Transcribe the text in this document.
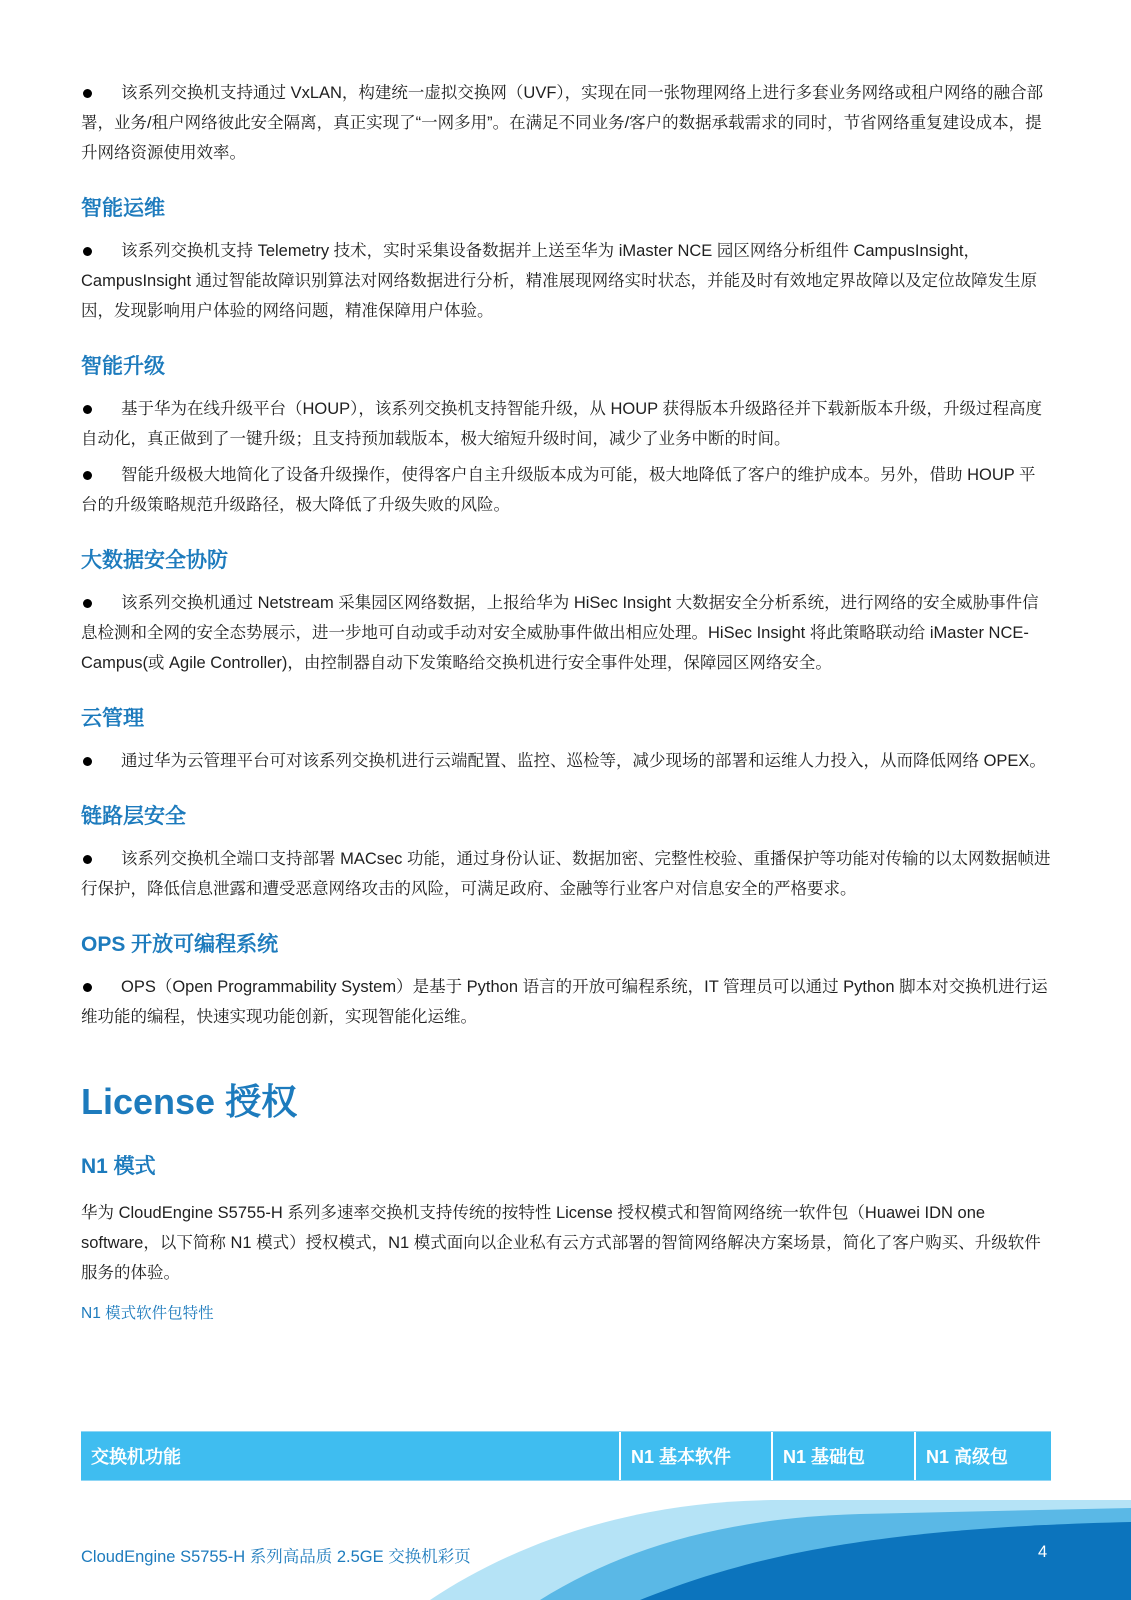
该系列交换机支持通过 VxLAN，构建统一虚拟交换网（UVF），实现在同一张物理网络上进行多套业务网络或租户网络的融合部署，业务/租户网络彼此安全隔离，真正实现了“一网多用”。在满足不同业务/客户的数据承载需求的同时，节省网络重复建设成本，提升网络资源使用效率。
智能运维
该系列交换机支持 Telemetry 技术，实时采集设备数据并上送至华为 iMaster NCE 园区网络分析组件 CampusInsight，CampusInsight 通过智能故障识别算法对网络数据进行分析，精准展现网络实时状态，并能及时有效地定界故障以及定位故障发生原因，发现影响用户体验的网络问题，精准保障用户体验。
智能升级
基于华为在线升级平台（HOUP），该系列交换机支持智能升级，从 HOUP 获得版本升级路径并下载新版本升级，升级过程高度自动化，真正做到了一键升级；且支持预加载版本，极大缩短升级时间，减少了业务中断的时间。
智能升级极大地简化了设备升级操作，使得客户自主升级版本成为可能，极大地降低了客户的维护成本。另外，借助 HOUP 平台的升级策略规范升级路径，极大降低了升级失败的风险。
大数据安全协防
该系列交换机通过 Netstream 采集园区网络数据，上报给华为 HiSec Insight 大数据安全分析系统，进行网络的安全威胁事件信息检测和全网的安全态势展示，进一步地可自动或手动对安全威胁事件做出相应处理。HiSec Insight 将此策略联动给 iMaster NCE-Campus(或 Agile Controller)，由控制器自动下发策略给交换机进行安全事件处理，保障园区网络安全。
云管理
通过华为云管理平台可对该系列交换机进行云端配置、监控、巡检等，减少现场的部署和运维人力投入，从而降低网络 OPEX。
链路层安全
该系列交换机全端口支持部署 MACsec 功能，通过身份认证、数据加密、完整性校验、重播保护等功能对传输的以太网数据帧进行保护，降低信息泄露和遭受恶意网络攻击的风险，可满足政府、金融等行业客户对信息安全的严格要求。
OPS 开放可编程系统
OPS（Open Programmability System）是基于 Python 语言的开放可编程系统，IT 管理员可以通过 Python 脚本对交换机进行运维功能的编程，快速实现功能创新，实现智能化运维。
License 授权
N1 模式

华为 CloudEngine S5755-H 系列多速率交换机支持传统的按特性 License 授权模式和智简网络统一软件包（Huawei IDN one software，以下简称 N1 模式）授权模式，N1 模式面向以企业私有云方式部署的智简网络解决方案场景，简化了客户购买、升级软件服务的体验。

N1 模式软件包特性

交换机功能	N1 基本软件	N1 基础包	N1 高级包
CloudEngine S5755-H 系列高品质 2.5GE 交换机彩页	4
